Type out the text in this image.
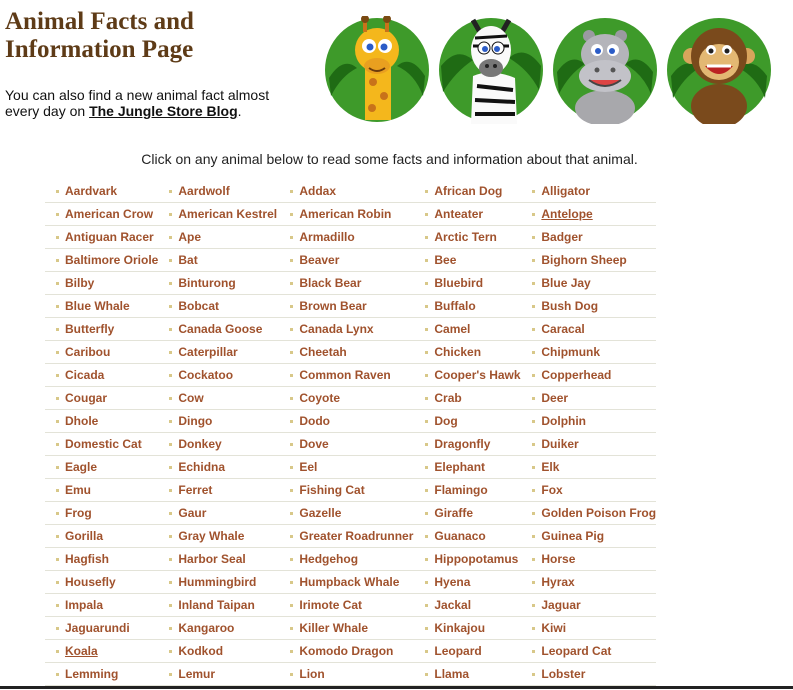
Animal Facts and Information Page
You can also find a new animal fact almost every day on The Jungle Store Blog.
Click on any animal below to read some facts and information about that animal.
Aardvark	Aardwolf	Addax	African Dog	Alligator
American Crow	American Kestrel	American Robin	Anteater	Antelope
Antiguan Racer	Ape	Armadillo	Arctic Tern	Badger
Baltimore Oriole	Bat	Beaver	Bee	Bighorn Sheep
Bilby	Binturong	Black Bear	Bluebird	Blue Jay
Blue Whale	Bobcat	Brown Bear	Buffalo	Bush Dog
Butterfly	Canada Goose	Canada Lynx	Camel	Caracal
Caribou	Caterpillar	Cheetah	Chicken	Chipmunk
Cicada	Cockatoo	Common Raven	Cooper's Hawk	Copperhead
Cougar	Cow	Coyote	Crab	Deer
Dhole	Dingo	Dodo	Dog	Dolphin
Domestic Cat	Donkey	Dove	Dragonfly	Duiker
Eagle	Echidna	Eel	Elephant	Elk
Emu	Ferret	Fishing Cat	Flamingo	Fox
Frog	Gaur	Gazelle	Giraffe	Golden Poison Frog
Gorilla	Gray Whale	Greater Roadrunner	Guanaco	Guinea Pig
Hagfish	Harbor Seal	Hedgehog	Hippopotamus	Horse
Housefly	Hummingbird	Humpback Whale	Hyena	Hyrax
Impala	Inland Taipan	Irimote Cat	Jackal	Jaguar
Jaguarundi	Kangaroo	Killer Whale	Kinkajou	Kiwi
Koala	Kodkod	Komodo Dragon	Leopard	Leopard Cat
Lemming	Lemur	Lion	Llama	Lobster
